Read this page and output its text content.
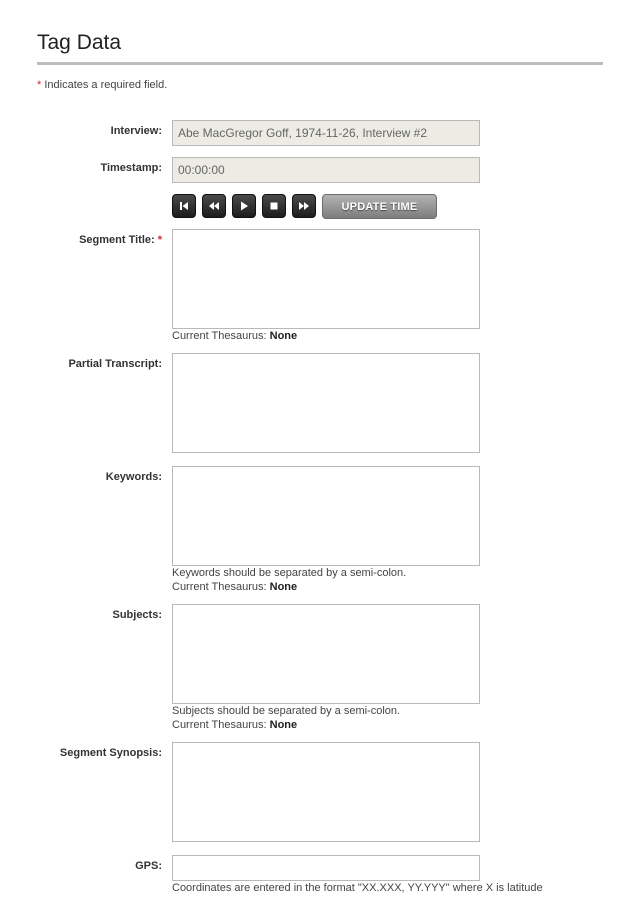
Tag Data
* Indicates a required field.
Interview:
Abe MacGregor Goff, 1974-11-26, Interview #2
Timestamp:
00:00:00
UPDATE TIME
Segment Title: *
Current Thesaurus: None
Partial Transcript:
Keywords:
Keywords should be separated by a semi-colon.
Current Thesaurus: None
Subjects:
Subjects should be separated by a semi-colon.
Current Thesaurus: None
Segment Synopsis:
GPS:
Coordinates are entered in the format "XX.XXX, YY.YYY" where X is latitude
